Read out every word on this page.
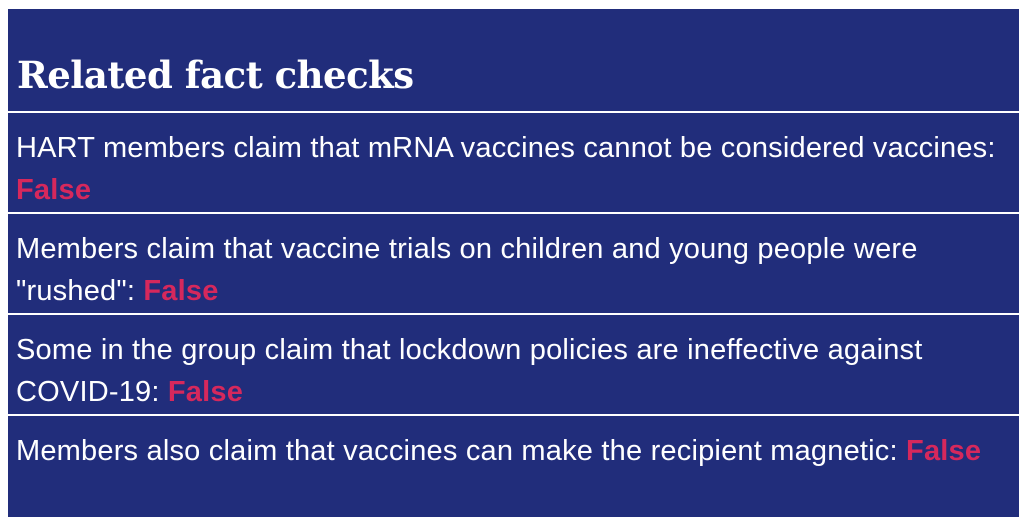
Related fact checks
HART members claim that mRNA vaccines cannot be considered vaccines: False
Members claim that vaccine trials on children and young people were "rushed": False
Some in the group claim that lockdown policies are ineffective against COVID-19: False
Members also claim that vaccines can make the recipient magnetic: False
